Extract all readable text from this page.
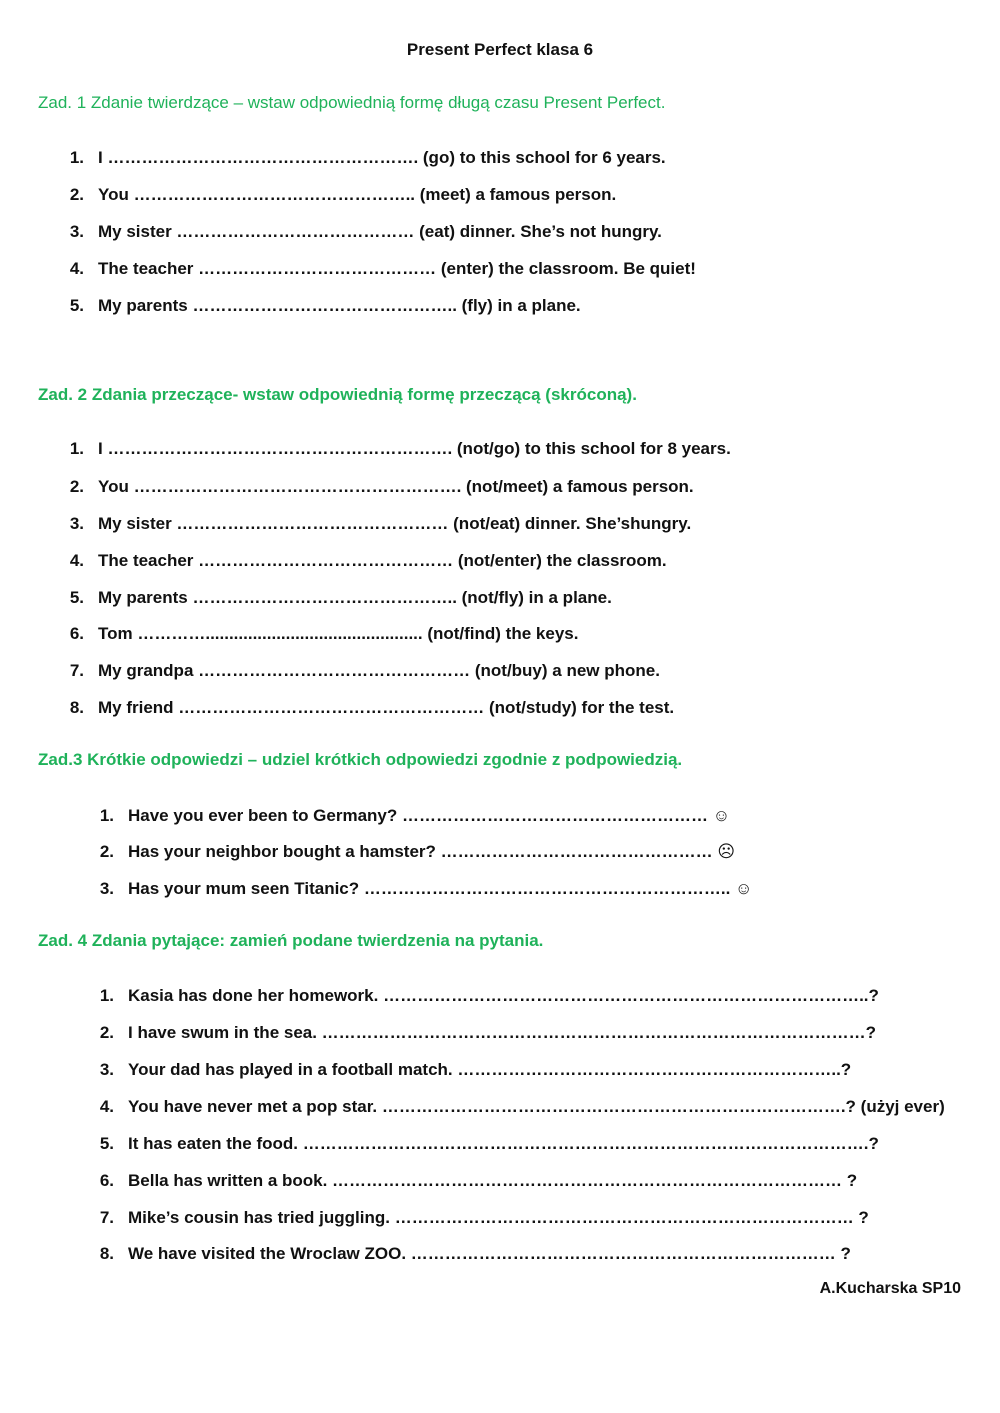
Present Perfect klasa 6
Zad. 1 Zdanie twierdzące – wstaw odpowiednią formę długą czasu Present Perfect.
1. I ………………………………………………. (go) to this school for 6 years.
2. You ………………………………………….. (meet) a famous person.
3. My sister …………………………………… (eat) dinner. She’s not hungry.
4. The teacher …………………………………… (enter) the classroom. Be quiet!
5. My parents ……………………………………….. (fly) in a plane.
Zad. 2 Zdania przeczące- wstaw odpowiednią formę przeczącą (skróconą).
1. I ……………………………………………………. (not/go) to this school for 8 years.
2. You …………………………………………………. (not/meet) a famous person.
3. My sister ………………………………………… (not/eat) dinner. She’shungry.
4. The teacher ……………………………………… (not/enter) the classroom.
5. My parents ……………………………………….. (not/fly) in a plane.
6. Tom ………….............................................. (not/find) the keys.
7. My grandpa ………………………………………… (not/buy) a new phone.
8. My friend ……………………………………………… (not/study) for the test.
Zad.3 Krótkie odpowiedzi – udziel krótkich odpowiedzi zgodnie z podpowiedzią.
1. Have you ever been to Germany? ……………………………………………… ☺
2. Has your neighbor bought a hamster? ………………………………………… ☹
3. Has your mum seen Titanic? ……………………………………………………….. ☺
Zad. 4 Zdania pytające: zamień podane twierdzenia na pytania.
1. Kasia has done her homework. …………………………………………………………………………..?
2. I have swum in the sea. ……………………………………………………………………………………?
3. Your dad has played in a football match. …………………………………………………………..?
4. You have never met a pop star. ……………………………………………………………………….? (użyj ever)
5. It has eaten the food. ……………………………………………………………………………………….?
6. Bella has written a book. ……………………………………………………………………………… ?
7. Mike’s cousin has tried juggling. ……………………………………………………………………… ?
8. We have visited the Wroclaw ZOO. ………………………………………………………………… ?
A.Kucharska SP10
